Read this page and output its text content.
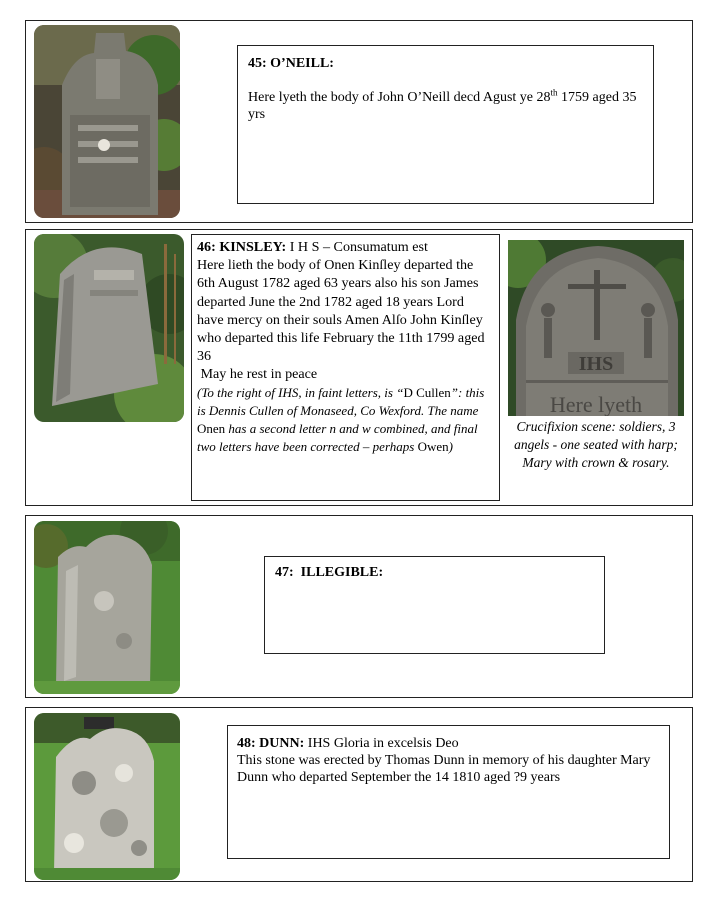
45: O’NEILL:
Here lyeth the body of John O’Neill decd Agust ye 28th 1759 aged 35 yrs
46: KINSLEY: I H S – Consumatum est
Here lieth the body of Onen Kinſley departed the 6th August 1782 aged 63 years also his son James departed June the 2nd 1782 aged 18 years Lord have mercy on their souls Amen Alſo John Kinſley who departed this life February the 11th 1799 aged 36
May he rest in peace
(To the right of IHS, in faint letters, is “D Cullen”: this is Dennis Cullen of Monaseed, Co Wexford. The name Onen has a second letter n and w combined, and final two letters have been corrected – perhaps Owen)
IHS
Here lyeth
Crucifixion scene: soldiers, 3 angels - one seated with harp; Mary with crown & rosary.
47: ILLEGIBLE:
48: DUNN: IHS Gloria in excelsis Deo
This stone was erected by Thomas Dunn in memory of his daughter Mary Dunn who departed September the 14 1810 aged ?9 years
